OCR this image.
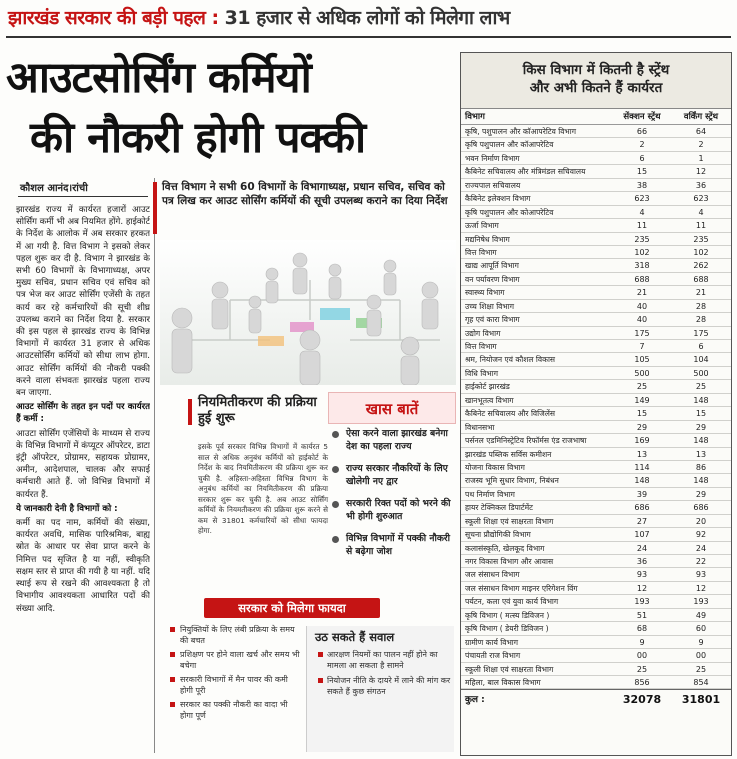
झारखंड सरकार की बड़ी पहल : 31 हजार से अधिक लोगों को मिलेगा लाभ
आउटसोर्सिंग कर्मियों
की नौकरी होगी पक्की
कौशल आनंद।रांची

झारखंड राज्य में कार्यरत हजारों आउट सोर्सिंग कर्मी भी अब नियमित होंगे. हाईकोर्ट के निर्देश के आलोक में अब सरकार हरकत में आ गयी है. वित्त विभाग ने इसको लेकर पहल शुरू कर दी है. विभाग ने झारखंड के सभी 60 विभागों के विभागाध्यक्ष, अपर मुख्य सचिव, प्रधान सचिव एवं सचिव को पत्र भेज कर आउट सोर्सिंग एजेंसी के तहत कार्य कर रहे कर्मचारियों की सूची शीघ्र उपलब्ध कराने का निर्देश दिया है. सरकार की इस पहल से झारखंड राज्य के विभिन्न विभागों में कार्यरत 31 हजार से अधिक आउटसोर्सिंग कर्मियों को सीधा लाभ होगा. आउट सोर्सिंग कर्मियों की नौकरी पक्की करने वाला संभवतः झारखंड पहला राज्य बन जाएगा.

आउट सोर्सिंग के तहत इन पदों पर कार्यरत हैं कर्मी :

आउटा सोर्सिंग एजेंसियों के माध्यम से राज्य के विभिन्न विभागों में कंप्यूटर ऑपरेटर, डाटा इंट्री ऑपरेटर, प्रोग्रामर, सहायक प्रोग्रामर, अमीन, आदेशपाल, चालक और सफाई कर्मचारी आते हैं. जो विभिन्न विभागों में कार्यरत हैं.

ये जानकारी देनी है विभागों को :

कर्मी का पद नाम, कर्मियों की संख्या, कार्यरत अवधि, मासिक पारिश्रमिक, बाह्य स्रोत के आधार पर सेवा प्राप्त करने के निमित्त पद सृजित है या नहीं, स्वीकृति सक्षम स्तर से प्राप्त की गयी है या नहीं. यदि स्थाई रूप से रखने की आवश्यकता है तो विभागीय आवश्यकता आधारित पदों की संख्या आदि.

वित्त विभाग ने सभी 60 विभागों के विभागाध्यक्ष, प्रधान सचिव, सचिव को पत्र लिख कर आउट सोर्सिंग कर्मियों की सूची उपलब्ध कराने का दिया निर्देश
नियमितीकरण की प्रक्रिया हुई शुरू
इसके पूर्व सरकार विभिन्न विभागों में कार्यरत 5 साल से अधिक अनुबंध कर्मियों को हाईकोर्ट के निर्देश के बाद नियमितीकरण की प्रक्रिया शुरू कर चुकी है. अहिस्ता-अहिस्ता विभिन्न विभाग के अनुबंध कर्मियों का नियमितीकरण की प्रक्रिया सरकार शुरू कर चुकी है. अब आउट सोर्सिंग कर्मियों के नियमतीकरण की प्रक्रिया शुरू करने से कम से 31801 कर्मचारियों को सीधा फायदा होगा.
खास बातें
ऐसा करने वाला झारखंड बनेगा देश का पहला राज्य
राज्य सरकार नौकरियों के लिए खोलेगी नए द्वार
सरकारी रिक्त पदों को भरने की भी होगी शुरुआत
विभिन्न विभागों में पक्की नौकरी से बढ़ेगा जोश
सरकार को मिलेगा फायदा
नियुक्तियों के लिए लंबी प्रक्रिया के समय की बचत
प्रशिक्षण पर होने वाला खर्च और समय भी बचेगा
सरकारी विभागों में मैन पावर की कमी होगी पूरी
सरकार का पक्की नौकरी का वादा भी होगा पूर्ण
उठ सकते हैं सवाल
आरक्षण नियमों का पालन नहीं होने का मामला आ सकता है सामने
नियोजन नीति के दायरे में लाने की मांग कर सकते हैं कुछ संगठन
किस विभाग में कितनी है स्ट्रेंथ
और अभी कितने हैं कार्यरत
विभाग	सेंक्शन स्ट्रेंथ	वर्किंग स्ट्रेंथ
कृषि, पशुपालन और कॉआपरेटिव विभाग	66	64
कृषि पशुपालन और कॉआपरेटिव	2	2
भवन निर्माण विभाग	6	1
कैबिनेट सचिवालय और मंत्रिमंडल सचिवालय	15	12
राज्यपाल सचिवालय	38	36
कैबिनेट इलेक्शन विभाग	623	623
कृषि पशुपालन और कोआपरेटिव	4	4
ऊर्जा विभाग	11	11
मद्यनिषेध विभाग	235	235
वित्त विभाग	102	102
खाद्य आपूर्ति विभाग	318	262
वन पर्यावरण विभाग	688	688
स्वास्थ्य विभाग	21	21
उच्च शिक्षा विभाग	40	28
गृह एवं कारा विभाग	40	28
उद्योग विभाग	175	175
वित्त विभाग	7	6
श्रम, नियोजन एवं कौशल विकास	105	104
विधि विभाग	500	500
हाईकोर्ट झारखंड	25	25
खानभूतत्व विभाग	149	148
कैबिनेट सचिवालय और विजिलेंस	15	15
विधानसभा	29	29
पर्सनल एडमिनिस्ट्रेटिव रिफॉर्मस एंड राजभाषा	169	148
झारखंड पब्लिक सर्विस कमीशन	13	13
योजना विकास विभाग	114	86
राजस्व भूमि सुधार विभाग, निबंधन	148	148
पथ निर्माण विभाग	39	29
हायर टेक्निकल डिपार्टमेंट	686	686
स्कूली शिक्षा एवं साक्षरता विभाग	27	20
सूचना प्रौद्योगिकी विभाग	107	92
कलासंस्कृति, खेलकूद विभाग	24	24
नगर विकास विभाग और आवास	36	22
जल संसाधन विभाग	93	93
जल संसाधन विभाग माइनर एरिगेशन विंग	12	12
पर्यटन, कला एवं युवा कार्य विभाग	193	193
कृषि विभाग ( मत्स्य डिविजन )	51	49
कृषि विभाग ( डेयरी डिविजन )	68	60
ग्रामीण कार्य विभाग	9	9
पंचायती राज विभाग	00	00
स्कूली शिक्षा एवं साक्षरता विभाग	25	25
महिला, बाल विकास विभाग	856	854
कुल :	32078	31801
